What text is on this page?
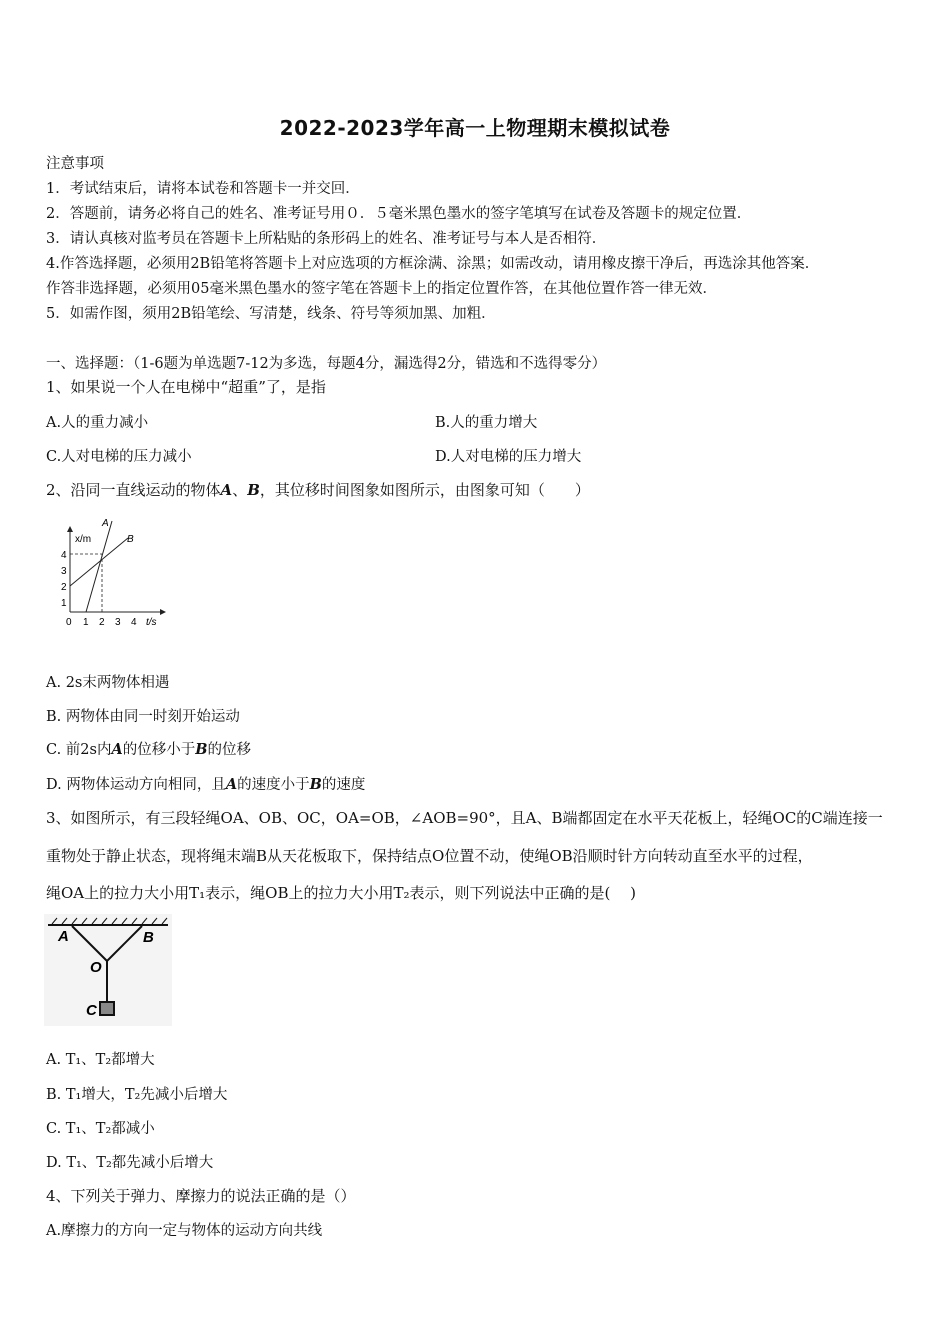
2022-2023学年高一上物理期末模拟试卷
注意事项
1．考试结束后，请将本试卷和答题卡一并交回．
2．答题前，请务必将自己的姓名、准考证号用０．５毫米黑色墨水的签字笔填写在试卷及答题卡的规定位置．
3．请认真核对监考员在答题卡上所粘贴的条形码上的姓名、准考证号与本人是否相符．
4.作答选择题，必须用2B铅笔将答题卡上对应选项的方框涂满、涂黑；如需改动，请用橡皮擦干净后，再选涂其他答案．
作答非选择题，必须用05毫米黑色墨水的签字笔在答题卡上的指定位置作答，在其他位置作答一律无效．
5．如需作图，须用2B铅笔绘、写清楚，线条、符号等须加黑、加粗．
一、选择题：（1-6题为单选题7-12为多选，每题4分，漏选得2分，错选和不选得零分）
1、如果说一个人在电梯中“超重”了，是指
A.人的重力减小	B.人的重力增大
C.人对电梯的压力减小	D.人对电梯的压力增大
2、沿同一直线运动的物体A、B，其位移时间图象如图所示，由图象可知（　　）
x/m
t/s
0 1 2 3 4
1
2
3
4
A
B
A. 2s末两物体相遇
B. 两物体由同一时刻开始运动
C. 前2s内A的位移小于B的位移
D. 两物体运动方向相同，且A的速度小于B的速度
3、如图所示，有三段轻绳OA、OB、OC，OA=OB，∠AOB=90°，且A、B端都固定在水平天花板上，轻绳OC的C端连接一
重物处于静止状态，现将绳末端B从天花板取下，保持结点O位置不动，使绳OB沿顺时针方向转动直至水平的过程，
绳OA上的拉力大小用T₁表示，绳OB上的拉力大小用T₂表示，则下列说法中正确的是(　 )
A	B
O
C
A. T₁、T₂都增大
B. T₁增大，T₂先减小后增大
C. T₁、T₂都减小
D. T₁、T₂都先减小后增大
4、下列关于弹力、摩擦力的说法正确的是（）
A.摩擦力的方向一定与物体的运动方向共线
